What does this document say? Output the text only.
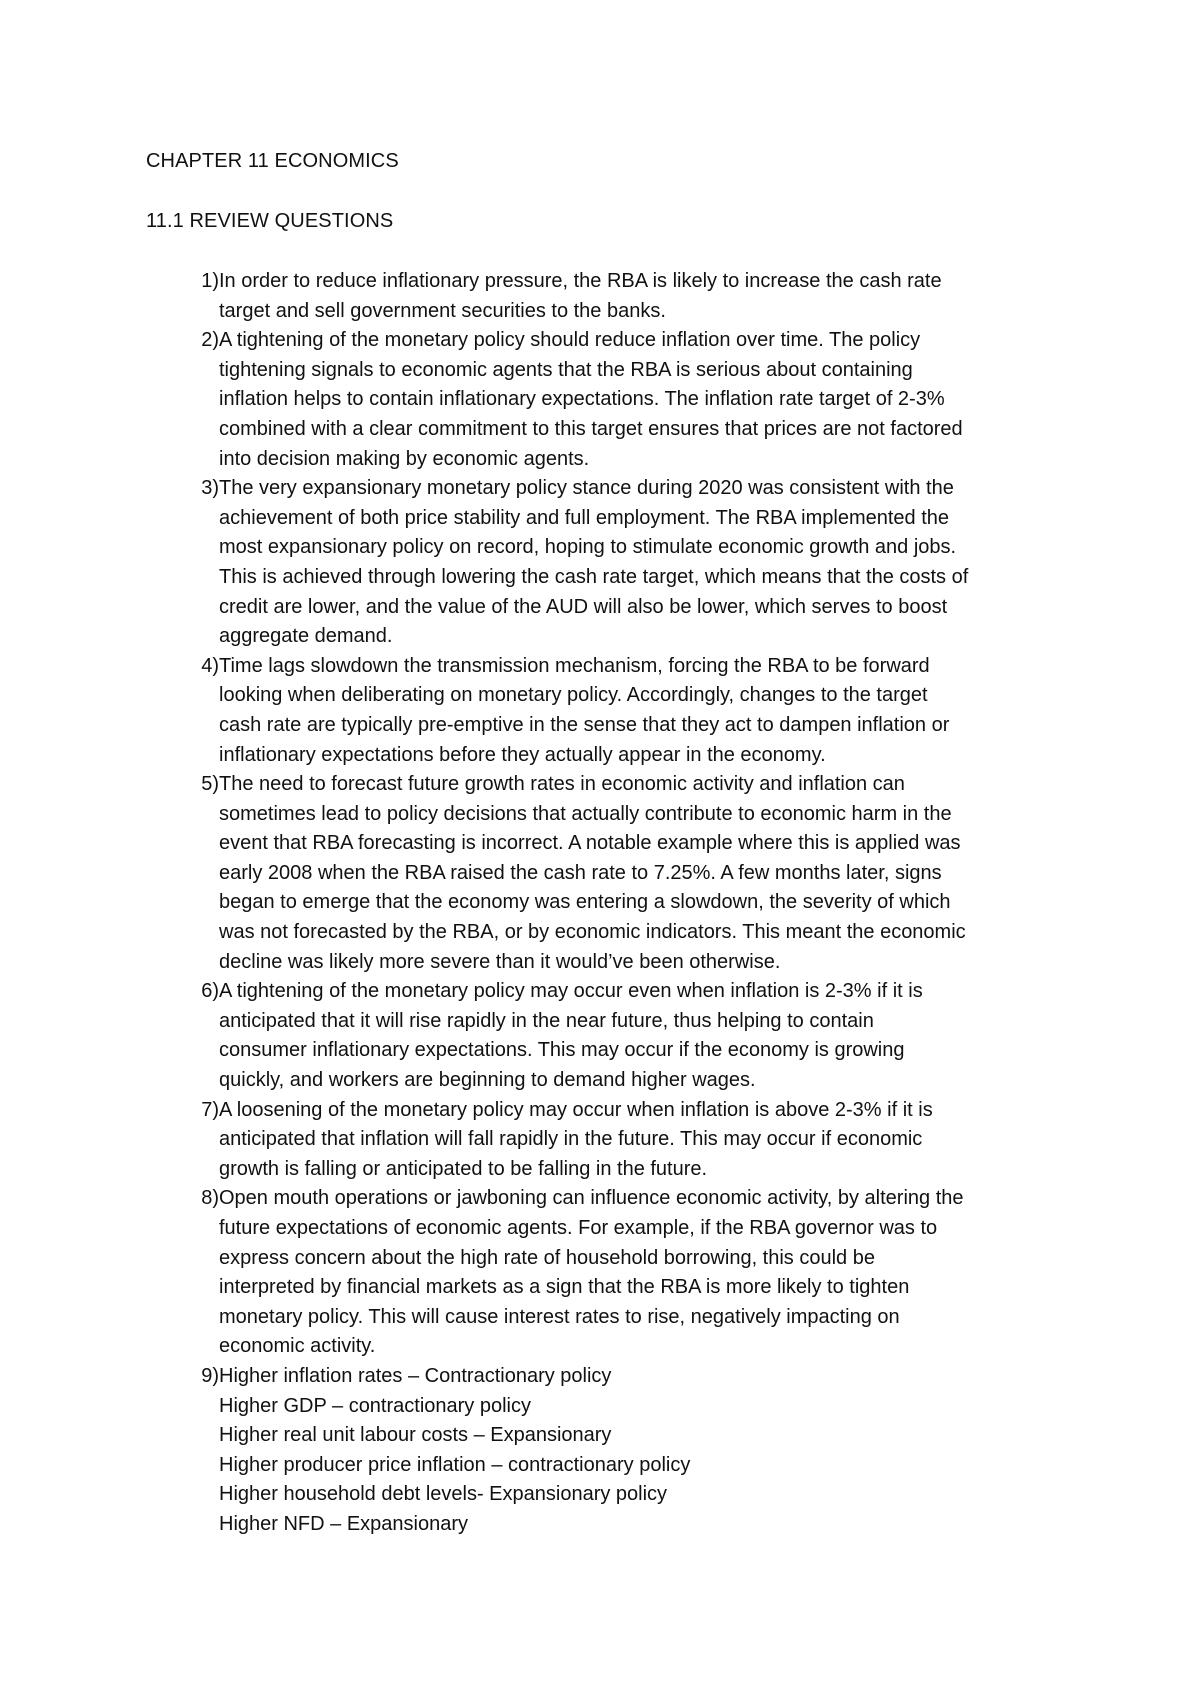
CHAPTER 11 ECONOMICS
11.1 REVIEW QUESTIONS
1) In order to reduce inflationary pressure, the RBA is likely to increase the cash rate
target and sell government securities to the banks.
2) A tightening of the monetary policy should reduce inflation over time. The policy
tightening signals to economic agents that the RBA is serious about containing
inflation helps to contain inflationary expectations. The inflation rate target of 2-3%
combined with a clear commitment to this target ensures that prices are not factored
into decision making by economic agents.
3) The very expansionary monetary policy stance during 2020 was consistent with the
achievement of both price stability and full employment. The RBA implemented the
most expansionary policy on record, hoping to stimulate economic growth and jobs.
This is achieved through lowering the cash rate target, which means that the costs of
credit are lower, and the value of the AUD will also be lower, which serves to boost
aggregate demand.
4) Time lags slowdown the transmission mechanism, forcing the RBA to be forward
looking when deliberating on monetary policy. Accordingly, changes to the target
cash rate are typically pre-emptive in the sense that they act to dampen inflation or
inflationary expectations before they actually appear in the economy.
5) The need to forecast future growth rates in economic activity and inflation can
sometimes lead to policy decisions that actually contribute to economic harm in the
event that RBA forecasting is incorrect. A notable example where this is applied was
early 2008 when the RBA raised the cash rate to 7.25%. A few months later, signs
began to emerge that the economy was entering a slowdown, the severity of which
was not forecasted by the RBA, or by economic indicators. This meant the economic
decline was likely more severe than it would’ve been otherwise.
6) A tightening of the monetary policy may occur even when inflation is 2-3% if it is
anticipated that it will rise rapidly in the near future, thus helping to contain
consumer inflationary expectations. This may occur if the economy is growing
quickly, and workers are beginning to demand higher wages.
7) A loosening of the monetary policy may occur when inflation is above 2-3% if it is
anticipated that inflation will fall rapidly in the future. This may occur if economic
growth is falling or anticipated to be falling in the future.
8) Open mouth operations or jawboning can influence economic activity, by altering the
future expectations of economic agents. For example, if the RBA governor was to
express concern about the high rate of household borrowing, this could be
interpreted by financial markets as a sign that the RBA is more likely to tighten
monetary policy. This will cause interest rates to rise, negatively impacting on
economic activity.
9) Higher inflation rates – Contractionary policy
Higher GDP – contractionary policy
Higher real unit labour costs – Expansionary
Higher producer price inflation – contractionary policy
Higher household debt levels- Expansionary policy
Higher NFD – Expansionary
